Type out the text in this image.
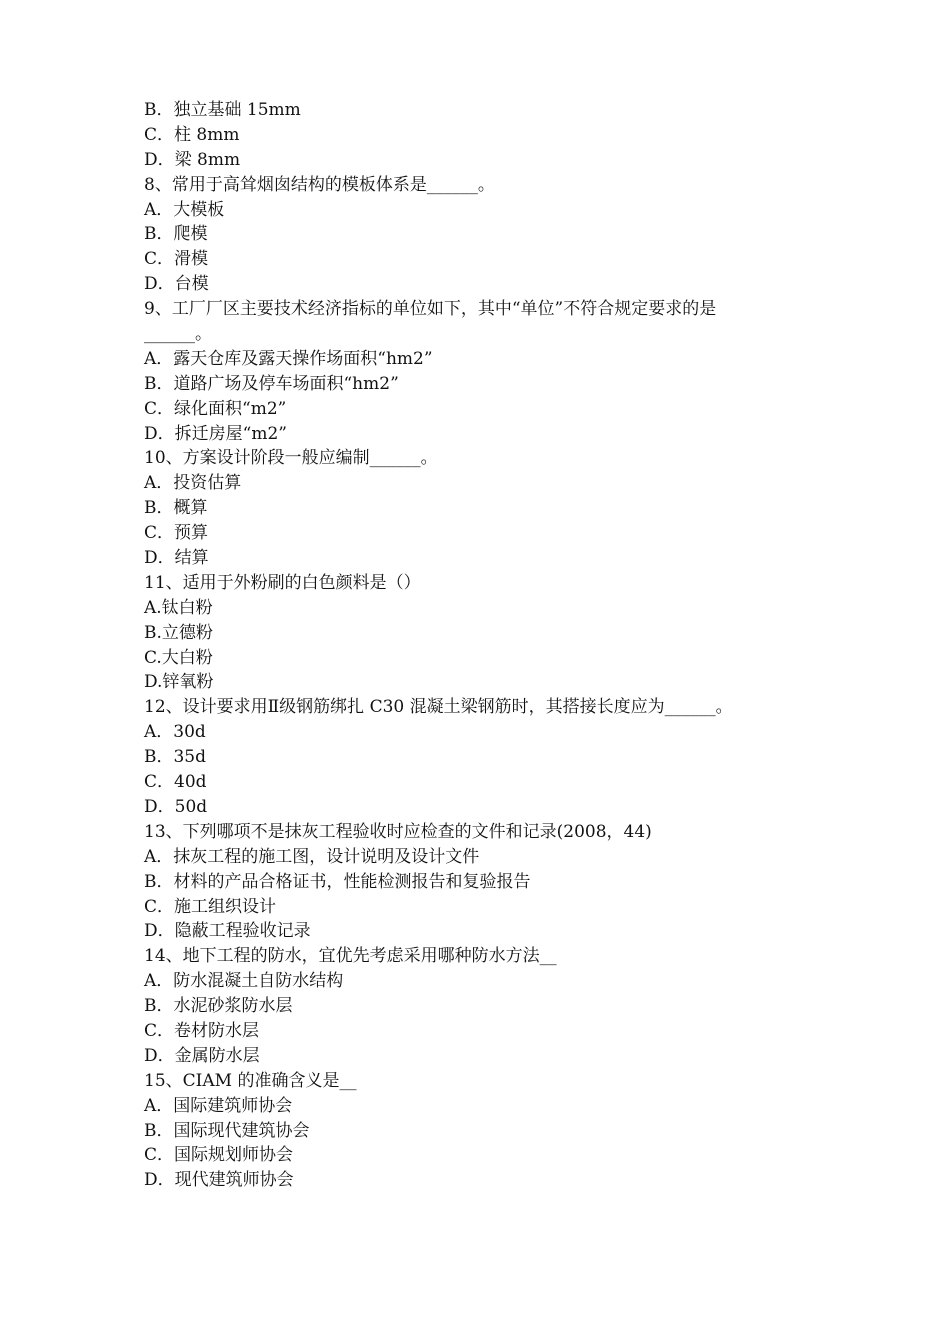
B．独立基础 15mm
C．柱 8mm
D．梁 8mm
8、常用于高耸烟囱结构的模板体系是______。
A．大模板
B．爬模
C．滑模
D．台模
9、工厂厂区主要技术经济指标的单位如下，其中“单位”不符合规定要求的是
______。
A．露天仓库及露天操作场面积“hm2”
B．道路广场及停车场面积“hm2”
C．绿化面积“m2”
D．拆迁房屋“m2”
10、方案设计阶段一般应编制______。
A．投资估算
B．概算
C．预算
D．结算
11、适用于外粉刷的白色颜料是（）
A.钛白粉
B.立德粉
C.大白粉
D.锌氧粉
12、设计要求用Ⅱ级钢筋绑扎 C30 混凝土梁钢筋时，其搭接长度应为______。
A．30d
B．35d
C．40d
D．50d
13、下列哪项不是抹灰工程验收时应检查的文件和记录(2008，44)
A．抹灰工程的施工图，设计说明及设计文件
B．材料的产品合格证书，性能检测报告和复验报告
C．施工组织设计
D．隐蔽工程验收记录
14、地下工程的防水，宜优先考虑采用哪种防水方法__
A．防水混凝土自防水结构
B．水泥砂浆防水层
C．卷材防水层
D．金属防水层
15、CIAM 的准确含义是__
A．国际建筑师协会
B．国际现代建筑协会
C．国际规划师协会
D．现代建筑师协会
